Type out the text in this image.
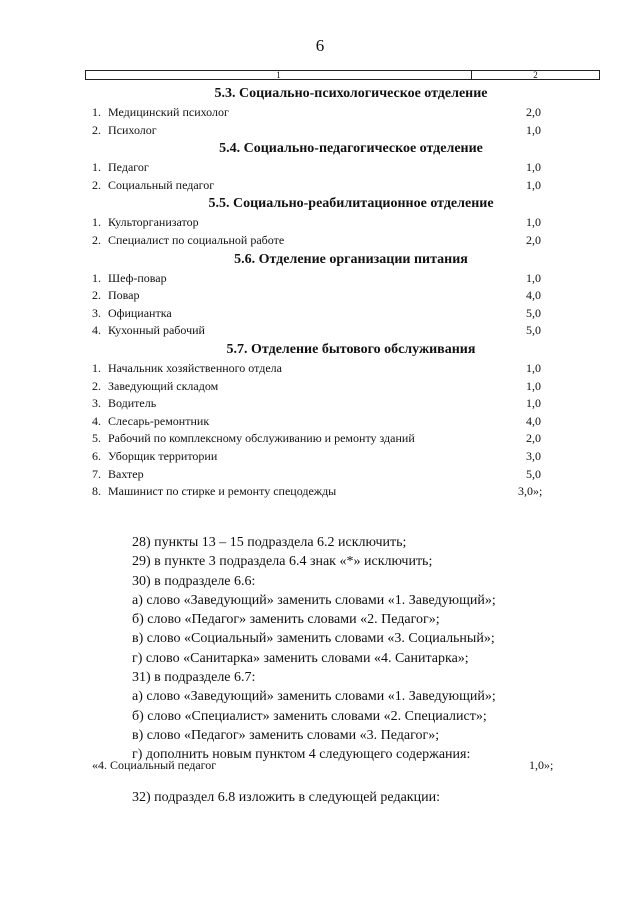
6
1	2
5.3. Социально-психологическое отделение
1. Медицинский психолог	2,0
2. Психолог	1,0
5.4. Социально-педагогическое отделение
1. Педагог	1,0
2. Социальный педагог	1,0
5.5. Социально-реабилитационное отделение
1. Культорганизатор	1,0
2. Специалист по социальной работе	2,0
5.6. Отделение организации питания
1. Шеф-повар	1,0
2. Повар	4,0
3. Официантка	5,0
4. Кухонный рабочий	5,0
5.7. Отделение бытового обслуживания
1. Начальник хозяйственного отдела	1,0
2. Заведующий складом	1,0
3. Водитель	1,0
4. Слесарь-ремонтник	4,0
5. Рабочий по комплексному обслуживанию и ремонту зданий	2,0
6. Уборщик территории	3,0
7. Вахтер	5,0
8. Машинист по стирке и ремонту спецодежды	3,0»;
28) пункты 13 – 15 подраздела 6.2 исключить;
29) в пункте 3 подраздела 6.4 знак «*» исключить;
30) в подразделе 6.6:
а) слово «Заведующий» заменить словами «1. Заведующий»;
б) слово «Педагог» заменить словами «2. Педагог»;
в) слово «Социальный» заменить словами «3. Социальный»;
г) слово «Санитарка» заменить словами «4. Санитарка»;
31) в подразделе 6.7:
а) слово «Заведующий» заменить словами «1. Заведующий»;
б) слово «Специалист» заменить словами «2. Специалист»;
в) слово «Педагог» заменить словами «3. Педагог»;
г) дополнить новым пунктом 4 следующего содержания:
«4. Социальный педагог	1,0»;
32) подраздел 6.8 изложить в следующей редакции:
